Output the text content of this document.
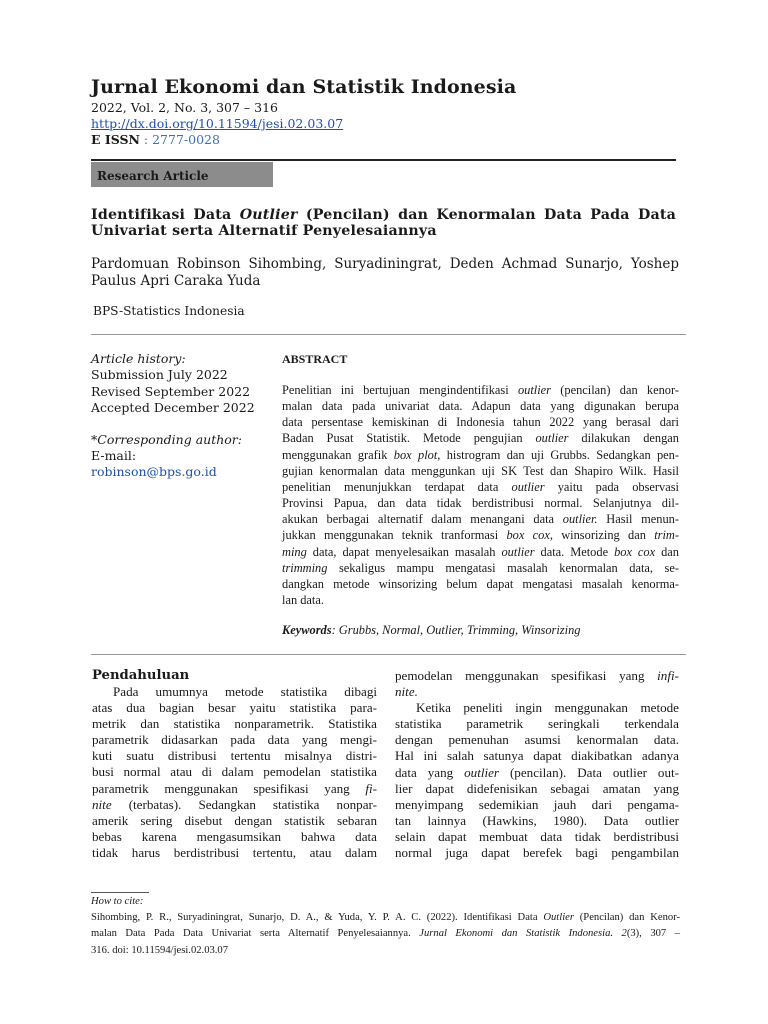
Jurnal Ekonomi dan Statistik Indonesia
2022, Vol. 2, No. 3, 307 – 316
http://dx.doi.org/10.11594/jesi.02.03.07
E ISSN : 2777-0028
Research Article
Identifikasi Data Outlier (Pencilan) dan Kenormalan Data Pada Data Univariat serta Alternatif Penyelesaiannya
Pardomuan Robinson Sihombing, Suryadiningrat, Deden Achmad Sunarjo, Yoshep Paulus Apri Caraka Yuda
BPS-Statistics Indonesia
Article history:
Submission July 2022
Revised September 2022
Accepted December 2022
*Corresponding author:
E-mail:
robinson@bps.go.id
ABSTRACT
Penelitian ini bertujuan mengindentifikasi outlier (pencilan) dan kenor-
malan data pada univariat data. Adapun data yang digunakan berupa
data persentase kemiskinan di Indonesia tahun 2022 yang berasal dari
Badan Pusat Statistik. Metode pengujian outlier dilakukan dengan
menggunakan grafik box plot, histrogram dan uji Grubbs. Sedangkan pen-
gujian kenormalan data menggunkan uji SK Test dan Shapiro Wilk. Hasil
penelitian menunjukkan terdapat data outlier yaitu pada observasi
Provinsi Papua, dan data tidak berdistribusi normal. Selanjutnya dil-
akukan berbagai alternatif dalam menangani data outlier. Hasil menun-
jukkan menggunakan teknik tranformasi box cox, winsorizing dan trim-
ming data, dapat menyelesaikan masalah outlier data. Metode box cox dan
trimming sekaligus mampu mengatasi masalah kenormalan data, se-
dangkan metode winsorizing belum dapat mengatasi masalah kenorma-
lan data.
Keywords: Grubbs, Normal, Outlier, Trimming, Winsorizing
Pendahuluan
Pada umumnya metode statistika dibagi
atas dua bagian besar yaitu statistika para-
metrik dan statistika nonparametrik. Statistika
parametrik didasarkan pada data yang mengi-
kuti suatu distribusi tertentu misalnya distri-
busi normal atau di dalam pemodelan statistika
parametrik menggunakan spesifikasi yang fi-
nite (terbatas). Sedangkan statistika nonpar-
amerik sering disebut dengan statistik sebaran
bebas karena mengasumsikan bahwa data
tidak harus berdistribusi tertentu, atau dalam
pemodelan menggunakan spesifikasi yang infi-
nite.
Ketika peneliti ingin menggunakan metode
statistika parametrik seringkali terkendala
dengan pemenuhan asumsi kenormalan data.
Hal ini salah satunya dapat diakibatkan adanya
data yang outlier (pencilan). Data outlier out-
lier dapat didefenisikan sebagai amatan yang
menyimpang sedemikian jauh dari pengama-
tan lainnya (Hawkins, 1980). Data outlier
selain dapat membuat data tidak berdistribusi
normal juga dapat berefek bagi pengambilan
How to cite:
Sihombing, P. R., Suryadiningrat, Sunarjo, D. A., & Yuda, Y. P. A. C. (2022). Identifikasi Data Outlier (Pencilan) dan Kenor-
malan Data Pada Data Univariat serta Alternatif Penyelesaiannya. Jurnal Ekonomi dan Statistik Indonesia. 2(3), 307 –
316. doi: 10.11594/jesi.02.03.07
